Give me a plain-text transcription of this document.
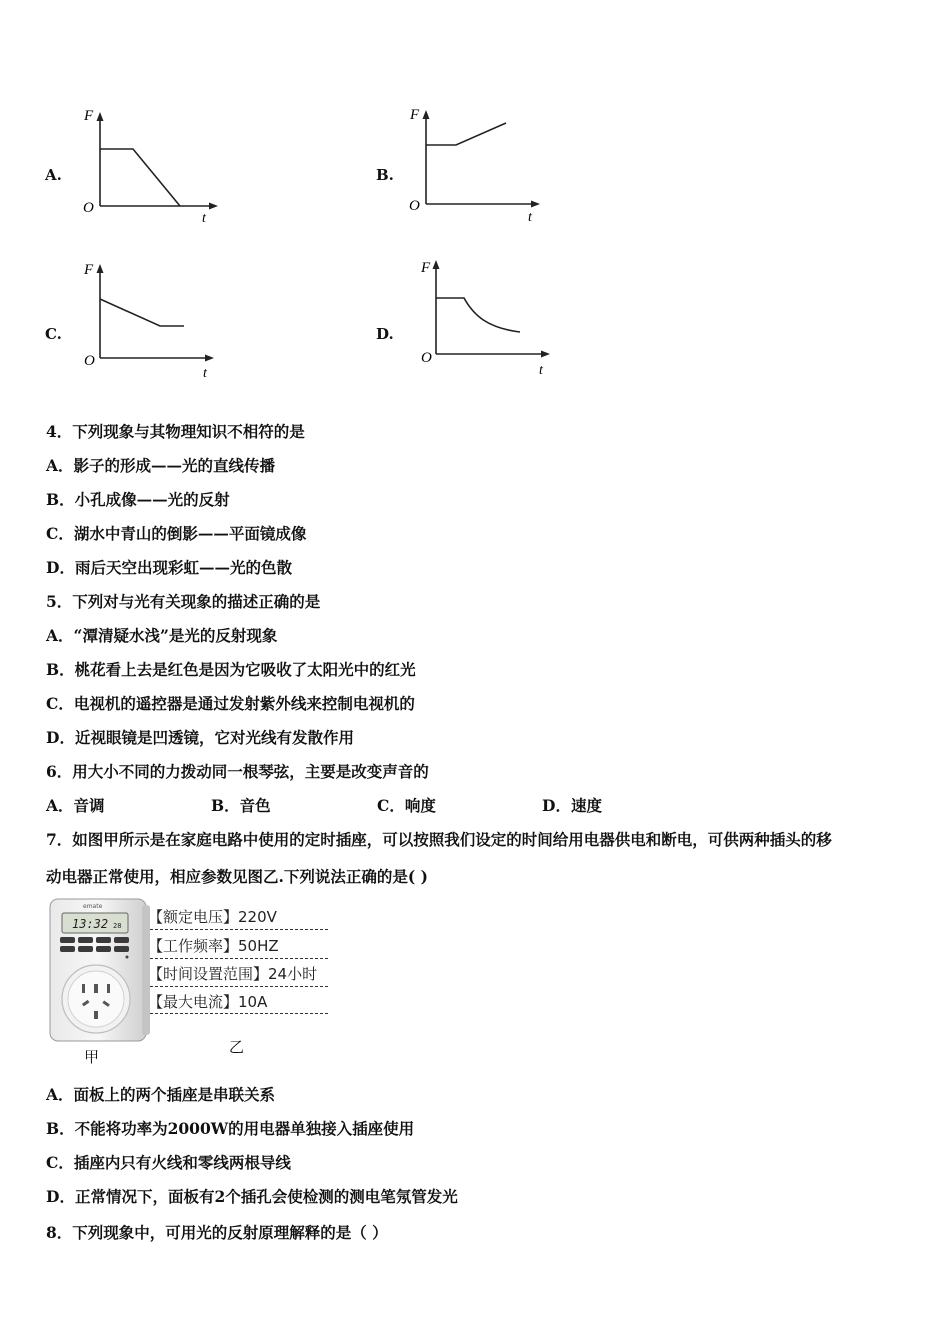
A.
F
O
t
B.
F
O
t
C.
F
O
t
D.
F
O
t
4．下列现象与其物理知识不相符的是
A．影子的形成——光的直线传播
B．小孔成像——光的反射
C．湖水中青山的倒影——平面镜成像
D．雨后天空出现彩虹——光的色散
5．下列对与光有关现象的描述正确的是
A．“潭清疑水浅”是光的反射现象
B．桃花看上去是红色是因为它吸收了太阳光中的红光
C．电视机的遥控器是通过发射紫外线来控制电视机的
D．近视眼镜是凹透镜，它对光线有发散作用
6．用大小不同的力拨动同一根琴弦，主要是改变声音的
A．音调	B．音色	C．响度	D．速度
7．如图甲所示是在家庭电路中使用的定时插座，可以按照我们设定的时间给用电器供电和断电，可供两种插头的移
动电器正常使用，相应参数见图乙.下列说法正确的是( )
emate
13:32 28
甲
【额定电压】220V
【工作频率】50HZ
【时间设置范围】24小时
【最大电流】10A
乙
A．面板上的两个插座是串联关系
B．不能将功率为2000W的用电器单独接入插座使用
C．插座内只有火线和零线两根导线
D．正常情况下，面板有2个插孔会使检测的测电笔氖管发光
8．下列现象中，可用光的反射原理解释的是（ ）
